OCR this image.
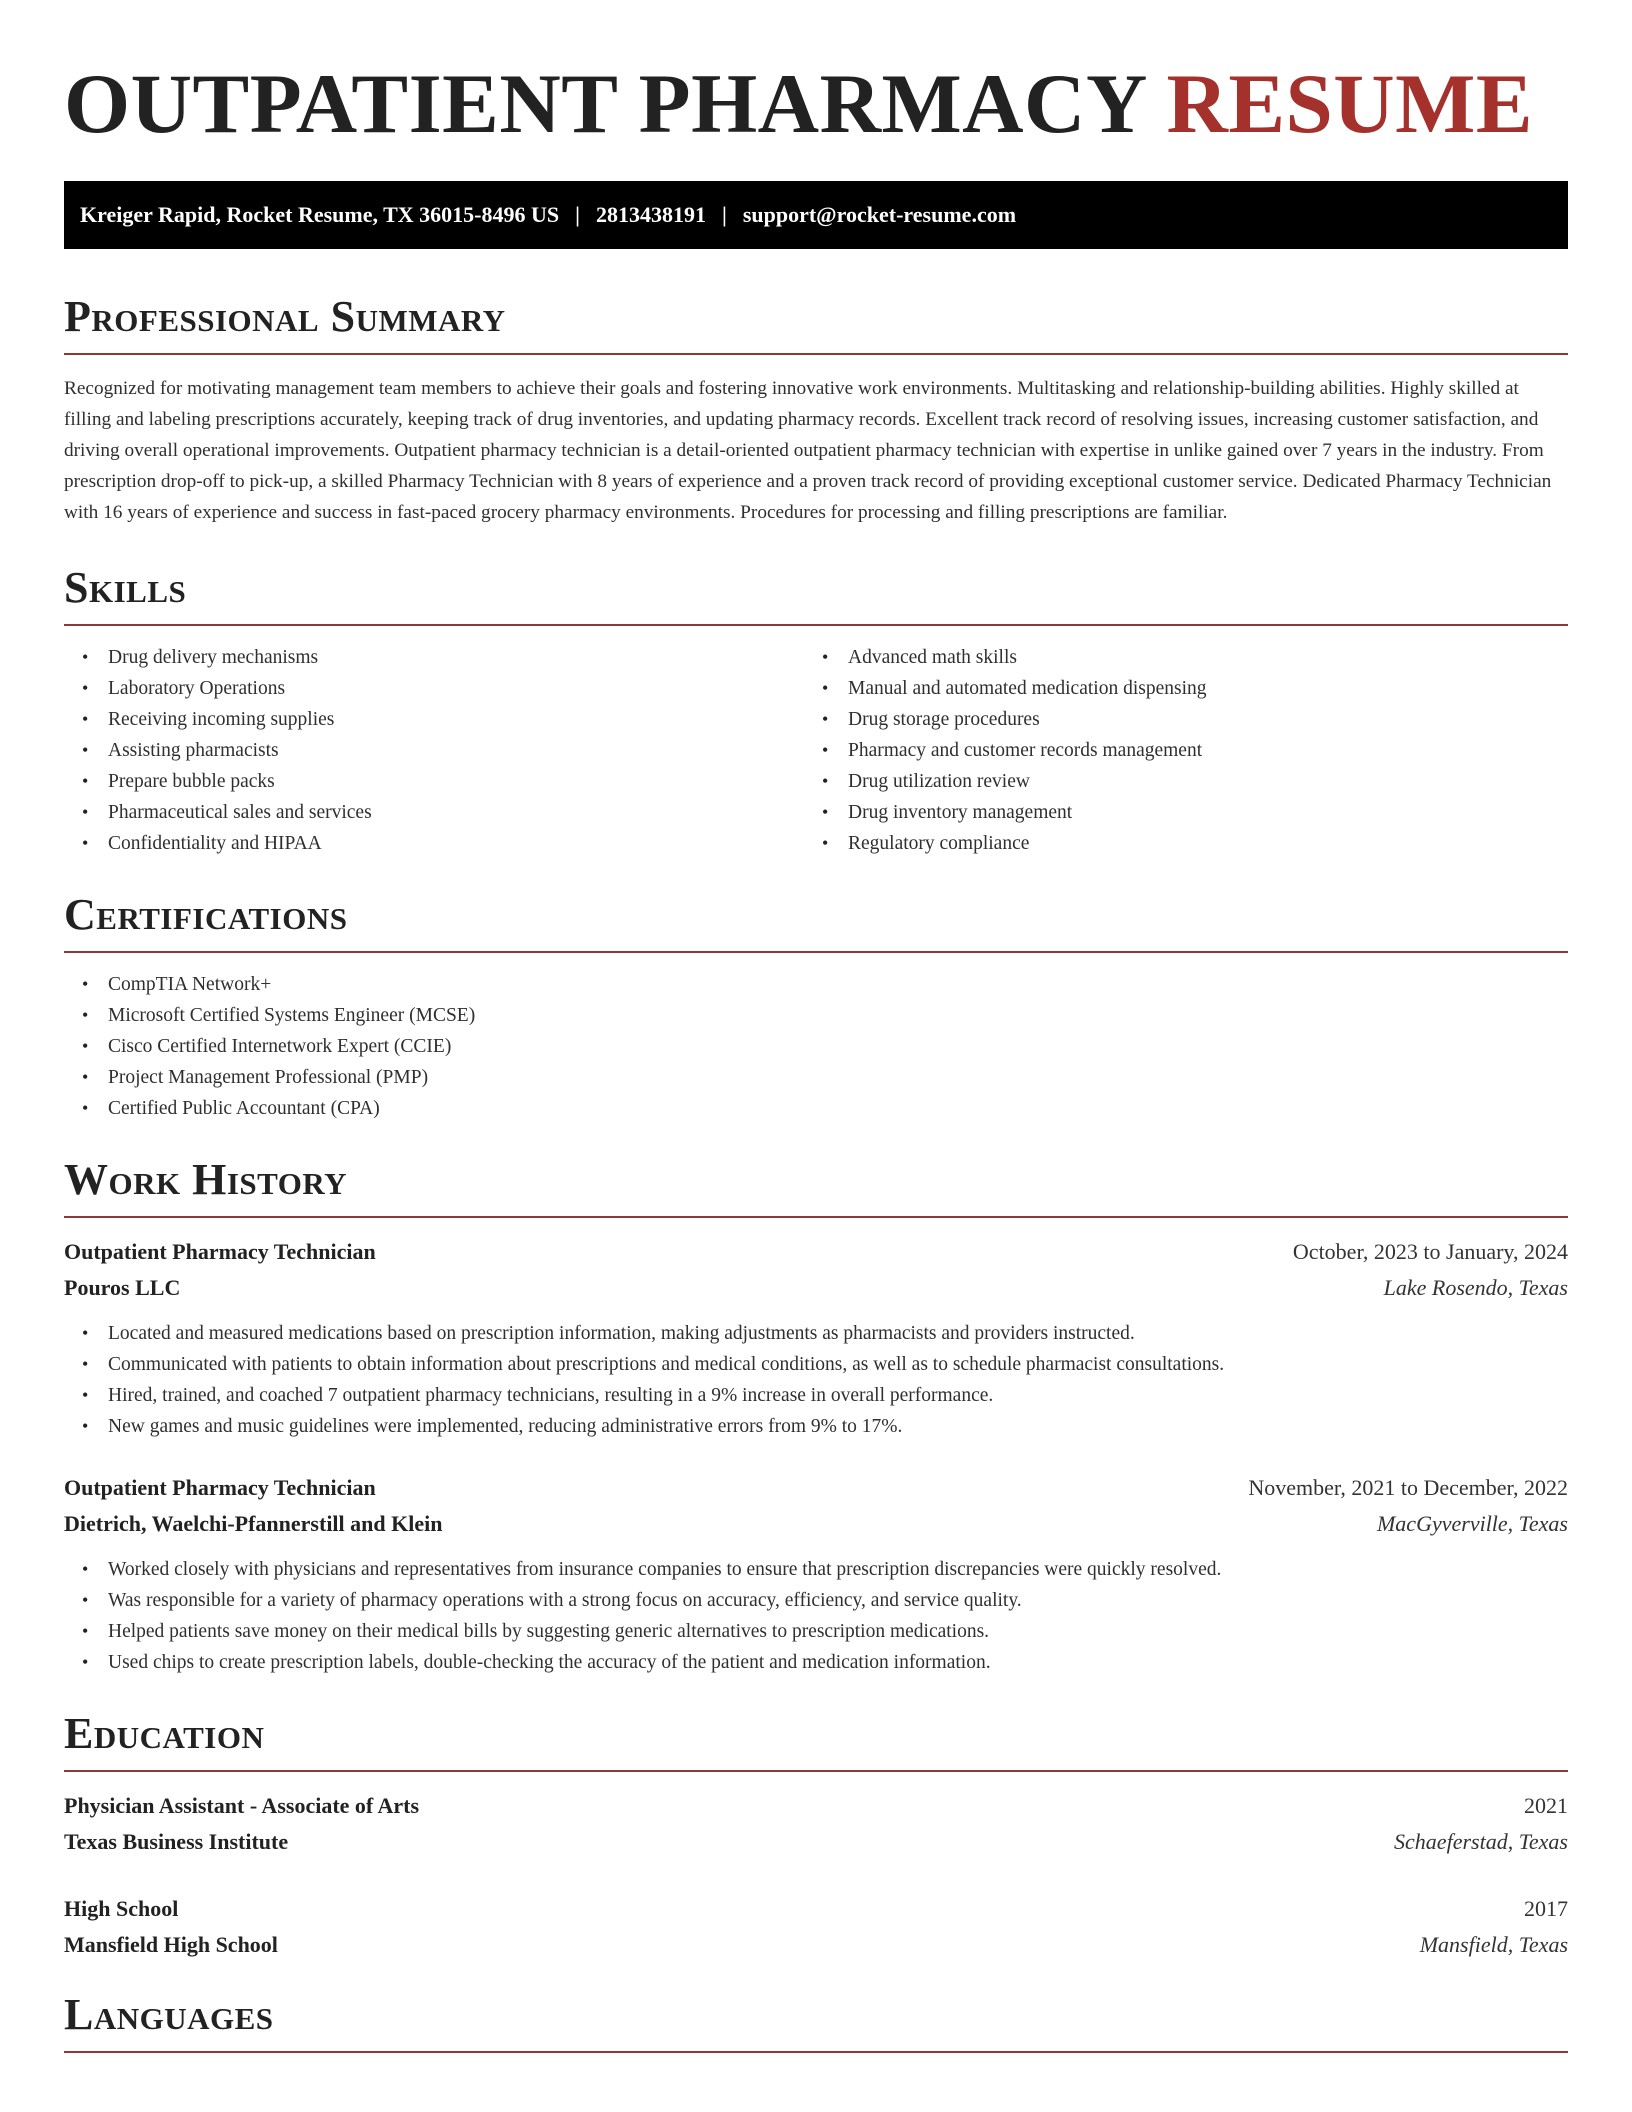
OUTPATIENT PHARMACY RESUME
Kreiger Rapid, Rocket Resume, TX 36015-8496 US | 2813438191 | support@rocket-resume.com
Professional Summary

Recognized for motivating management team members to achieve their goals and fostering innovative work environments. Multitasking and relationship-building abilities. Highly skilled at filling and labeling prescriptions accurately, keeping track of drug inventories, and updating pharmacy records. Excellent track record of resolving issues, increasing customer satisfaction, and driving overall operational improvements. Outpatient pharmacy technician is a detail-oriented outpatient pharmacy technician with expertise in unlike gained over 7 years in the industry. From prescription drop-off to pick-up, a skilled Pharmacy Technician with 8 years of experience and a proven track record of providing exceptional customer service. Dedicated Pharmacy Technician with 16 years of experience and success in fast-paced grocery pharmacy environments. Procedures for processing and filling prescriptions are familiar.

Skills
• Drug delivery mechanisms
• Laboratory Operations
• Receiving incoming supplies
• Assisting pharmacists
• Prepare bubble packs
• Pharmaceutical sales and services
• Confidentiality and HIPAA
• Advanced math skills
• Manual and automated medication dispensing
• Drug storage procedures
• Pharmacy and customer records management
• Drug utilization review
• Drug inventory management
• Regulatory compliance
Certifications
• CompTIA Network+
• Microsoft Certified Systems Engineer (MCSE)
• Cisco Certified Internetwork Expert (CCIE)
• Project Management Professional (PMP)
• Certified Public Accountant (CPA)
Work History
Outpatient Pharmacy Technician	October, 2023 to January, 2024
Pouros LLC	Lake Rosendo, Texas
• Located and measured medications based on prescription information, making adjustments as pharmacists and providers instructed.
• Communicated with patients to obtain information about prescriptions and medical conditions, as well as to schedule pharmacist consultations.
• Hired, trained, and coached 7 outpatient pharmacy technicians, resulting in a 9% increase in overall performance.
• New games and music guidelines were implemented, reducing administrative errors from 9% to 17%.
Outpatient Pharmacy Technician	November, 2021 to December, 2022
Dietrich, Waelchi-Pfannerstill and Klein	MacGyverville, Texas
• Worked closely with physicians and representatives from insurance companies to ensure that prescription discrepancies were quickly resolved.
• Was responsible for a variety of pharmacy operations with a strong focus on accuracy, efficiency, and service quality.
• Helped patients save money on their medical bills by suggesting generic alternatives to prescription medications.
• Used chips to create prescription labels, double-checking the accuracy of the patient and medication information.
Education
Physician Assistant - Associate of Arts	2021
Texas Business Institute	Schaeferstad, Texas
High School	2017
Mansfield High School	Mansfield, Texas
Languages
